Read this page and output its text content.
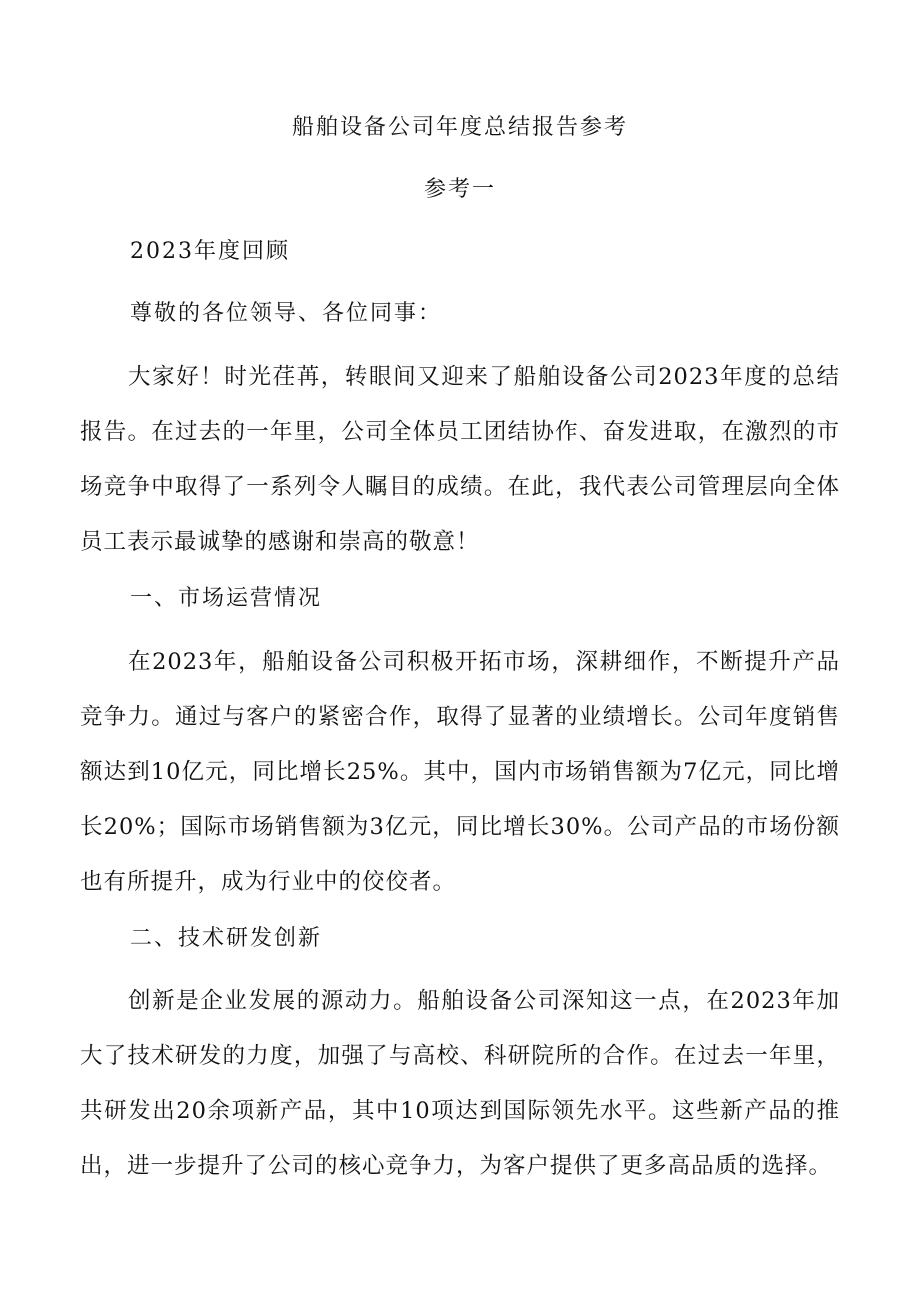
船舶设备公司年度总结报告参考
参考一
2023年度回顾
尊敬的各位领导、各位同事：
大家好！时光荏苒，转眼间又迎来了船舶设备公司2023年度的总结报告。在过去的一年里，公司全体员工团结协作、奋发进取，在激烈的市场竞争中取得了一系列令人瞩目的成绩。在此，我代表公司管理层向全体员工表示最诚挚的感谢和崇高的敬意！
一、市场运营情况
在2023年，船舶设备公司积极开拓市场，深耕细作，不断提升产品竞争力。通过与客户的紧密合作，取得了显著的业绩增长。公司年度销售额达到10亿元，同比增长25%。其中，国内市场销售额为7亿元，同比增长20%；国际市场销售额为3亿元，同比增长30%。公司产品的市场份额也有所提升，成为行业中的佼佼者。
二、技术研发创新
创新是企业发展的源动力。船舶设备公司深知这一点，在2023年加大了技术研发的力度，加强了与高校、科研院所的合作。在过去一年里，共研发出20余项新产品，其中10项达到国际领先水平。这些新产品的推出，进一步提升了公司的核心竞争力，为客户提供了更多高品质的选择。
